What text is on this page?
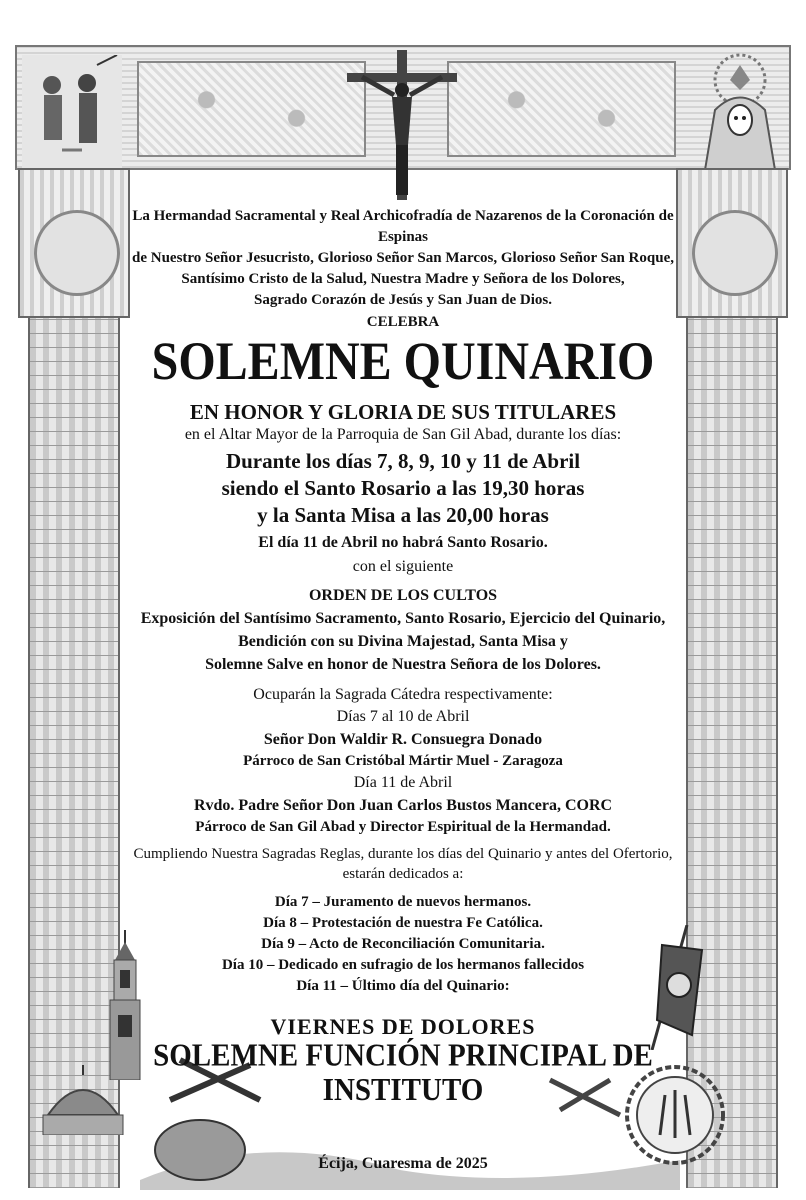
La Hermandad Sacramental y Real Archicofradía de Nazarenos de la Coronación de Espinas
de Nuestro Señor Jesucristo, Glorioso Señor San Marcos, Glorioso Señor San Roque,
Santísimo Cristo de la Salud, Nuestra Madre y Señora de los Dolores,
Sagrado Corazón de Jesús y San Juan de Dios.
CELEBRA
SOLEMNE QUINARIO
EN HONOR Y GLORIA DE SUS TITULARES
en el Altar Mayor de la Parroquia de San Gil Abad, durante los días:
Durante los días 7, 8, 9, 10 y 11 de Abril
siendo el Santo Rosario a las 19,30 horas
y la Santa Misa a las 20,00 horas
El día 11 de Abril no habrá Santo Rosario.
con el siguiente
ORDEN DE LOS CULTOS
Exposición del Santísimo Sacramento, Santo Rosario, Ejercicio del Quinario,
Bendición con su Divina Majestad, Santa Misa y
Solemne Salve en honor de Nuestra Señora de los Dolores.
Ocuparán la Sagrada Cátedra respectivamente:
Días 7 al 10 de Abril
Señor Don Waldir R. Consuegra Donado
Párroco de San Cristóbal Mártir Muel - Zaragoza
Día 11 de Abril
Rvdo. Padre Señor Don Juan Carlos Bustos Mancera, CORC
Párroco de San Gil Abad y Director Espiritual de la Hermandad.
Cumpliendo Nuestra Sagradas Reglas, durante los días del Quinario y antes del Ofertorio,
estarán dedicados a:
Día 7 – Juramento de nuevos hermanos.
Día 8 – Protestación de nuestra Fe Católica.
Día 9 – Acto de Reconciliación Comunitaria.
Día 10 – Dedicado en sufragio de los hermanos fallecidos
Día 11 – Último día del Quinario:
VIERNES DE DOLORES
SOLEMNE FUNCIÓN PRINCIPAL DE INSTITUTO
Écija, Cuaresma de 2025
